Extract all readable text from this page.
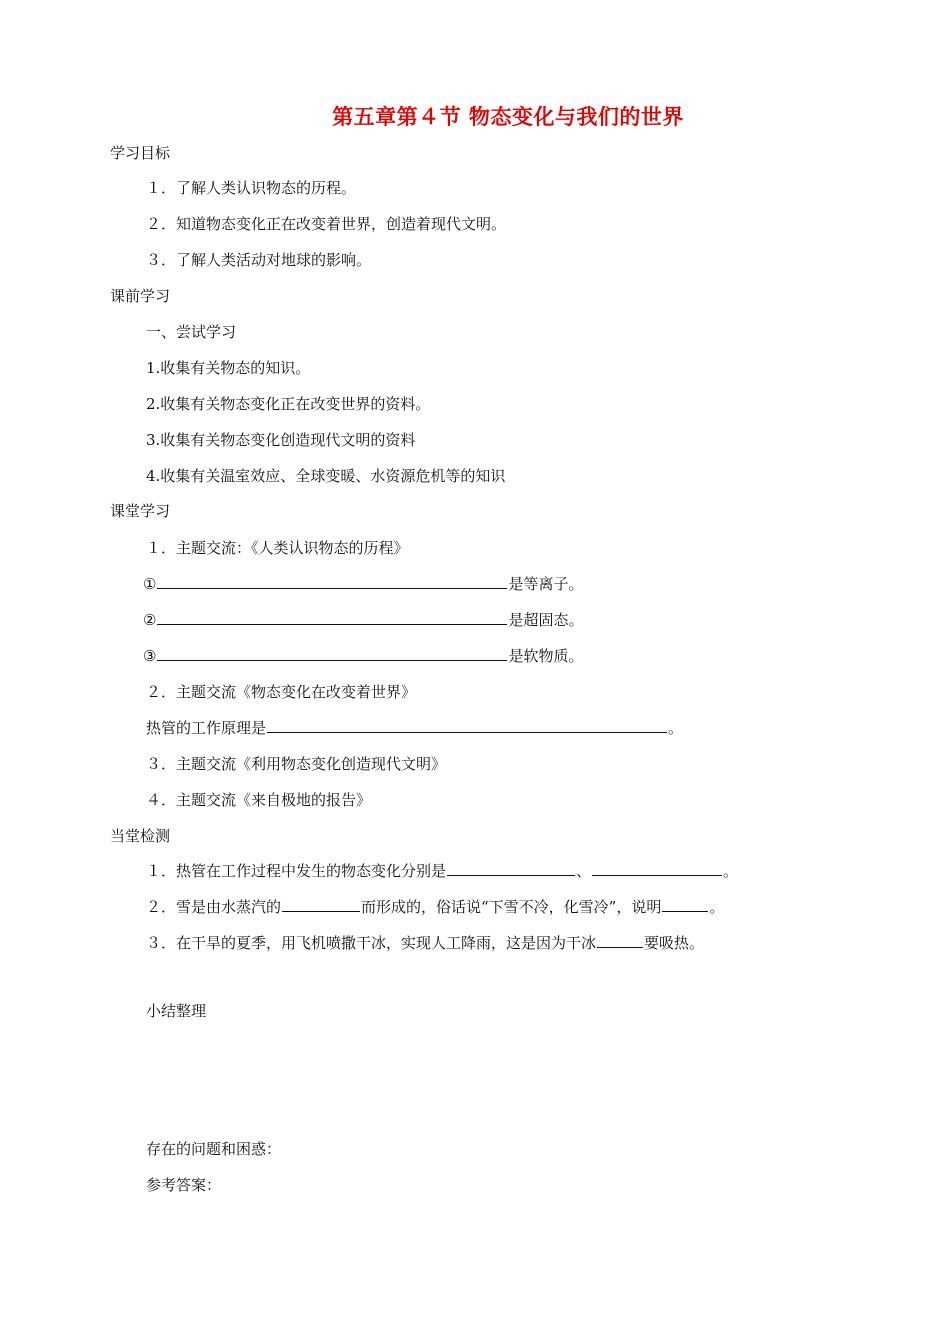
第五章第４节 物态变化与我们的世界
学习目标
１．了解人类认识物态的历程。
２．知道物态变化正在改变着世界，创造着现代文明。
３．了解人类活动对地球的影响。
课前学习
一、尝试学习
1.收集有关物态的知识。
2.收集有关物态变化正在改变世界的资料。
3.收集有关物态变化创造现代文明的资料
4.收集有关温室效应、全球变暖、水资源危机等的知识
课堂学习
１．主题交流：《人类认识物态的历程》
①	是等离子。
②	是超固态。
③	是软物质。
２．主题交流《物态变化在改变着世界》
热管的工作原理是	。
３．主题交流《利用物态变化创造现代文明》
４．主题交流《来自极地的报告》
当堂检测
１．热管在工作过程中发生的物态变化分别是	、	。
２．雪是由水蒸汽的	而形成的，俗话说“下雪不冷，化雪冷”，说明	。
３．在干旱的夏季，用飞机喷撒干冰，实现人工降雨，这是因为干冰	要吸热。
小结整理
存在的问题和困惑：
参考答案：
